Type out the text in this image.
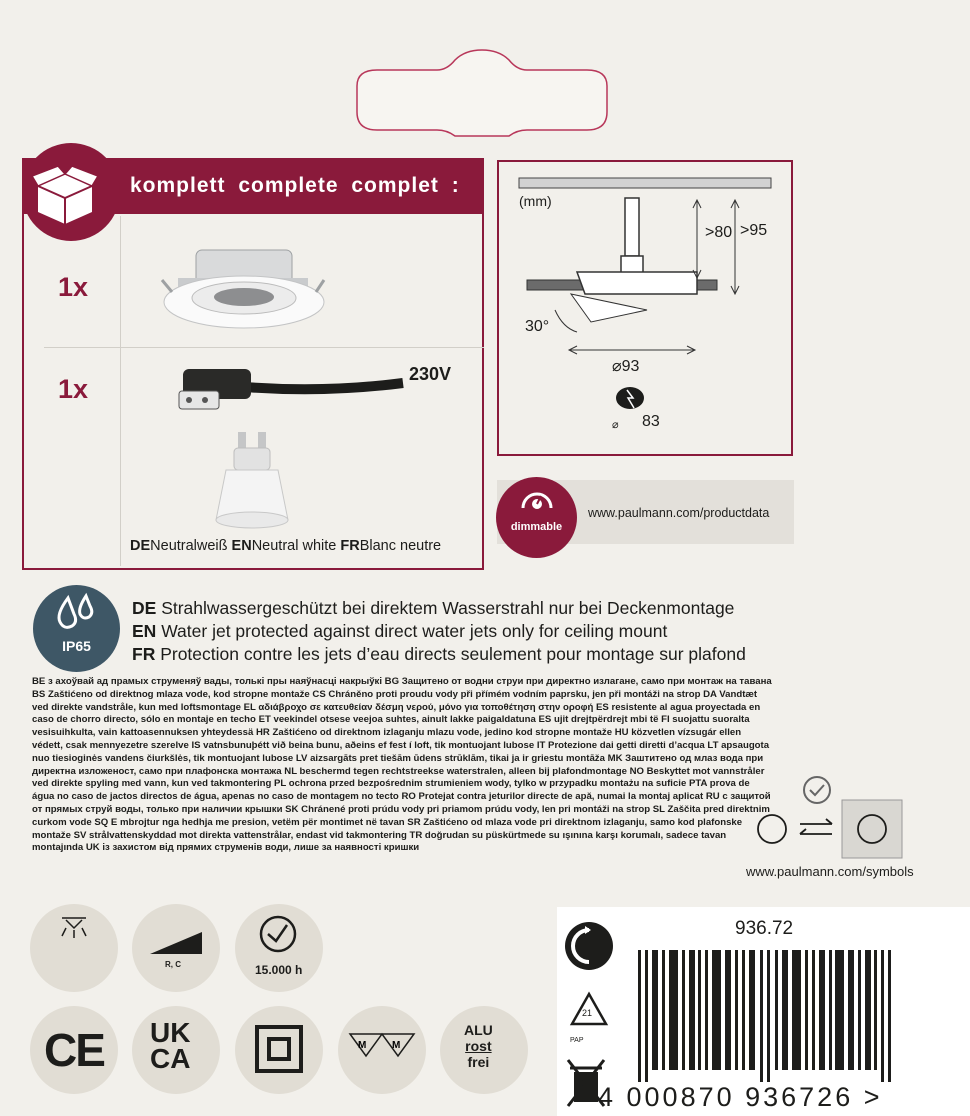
komplett complete complet :
1x
1x	230V
DENeutralweiß ENNeutral white FRBlanc neutre
(mm)
>80 >95
30°
⌀93
⌀ 83
dimmable
www.paulmann.com/productdata
IP65
DE Strahlwassergeschützt bei direktem Wasserstrahl nur bei Deckenmontage
EN Water jet protected against direct water jets only for ceiling mount
FR Protection contre les jets d’eau directs seulement pour montage sur plafond
BE з ахоўвай ад прамых струменяў вады, толькі пры наяўнасці накрыўкі BG Защитено от водни струи при директно излагане, само при монтаж на тавана BS Zaštićeno od direktnog mlaza vode, kod stropne montaže CS Chráněno proti proudu vody při přímém vodním paprsku, jen při montáži na strop DA Vandtæt ved direkte vandstråle, kun med loftsmontage EL αδιάβροχο σε κατευθείαν δέσμη νερού, μόνο για τοποθέτηση στην οροφή ES resistente al agua proyectada en caso de chorro directo, sólo en montaje en techo ET veekindel otsese veejoa suhtes, ainult lakke paigaldatuna ES ujit drejtpërdrejt mbi të FI suojattu suoralta vesisuihkulta, vain kattoasennuksen yhteydessä HR Zaštićeno od direktnom izlaganju mlazu vode, jedino kod stropne montaže HU közvetlen vízsugár ellen védett, csak mennyezetre szerelve IS vatnsbunuþétt við beina bunu, aðeins ef fest í loft, tik montuojant lubose IT Protezione dai getti diretti d’acqua LT apsaugota nuo tiesioginės vandens čiurkšlės, tik montuojant lubose LV aizsargāts pret tiešām ūdens strūklām, tikai ja ir griestu montāža MK Заштитено од млаз вода при директна изложеност, само при плафонска монтажа NL beschermd tegen rechtstreekse waterstralen, alleen bij plafondmontage NO Beskyttet mot vannstråler ved direkte spyling med vann, kun ved takmontering PL ochrona przed bezpośrednim strumieniem wody, tylko w przypadku montażu na suficie PTA prova de água no caso de jactos directos de água, apenas no caso de montagem no tecto RO Protejat contra jeturilor directe de apă, numai la montaj aplicat RU с защитой от прямых струй воды, только при наличии крышки SK Chránené proti prúdu vody pri priamom prúdu vody, len pri montáži na strop SL Zaščita pred direktnim curkom vode SQ E mbrojtur nga hedhja me presion, vetëm për montimet në tavan SR Zaštićeno od mlaza vode pri direktnom izlaganju, samo kod plafonske montaže SV strålvattenskyddad mot direkta vattenstrålar, endast vid takmontering TR doğrudan su püskürtmede su ışınına karşı korumalı, sadece tavan montajında UK із захистом від прямих струменів води, лише за наявності кришки
www.paulmann.com/symbols
R, C	15.000 h
CE UK
CA	M	M
ALU
rost
frei
21
PAP
936.72
4 000870 936726 >
